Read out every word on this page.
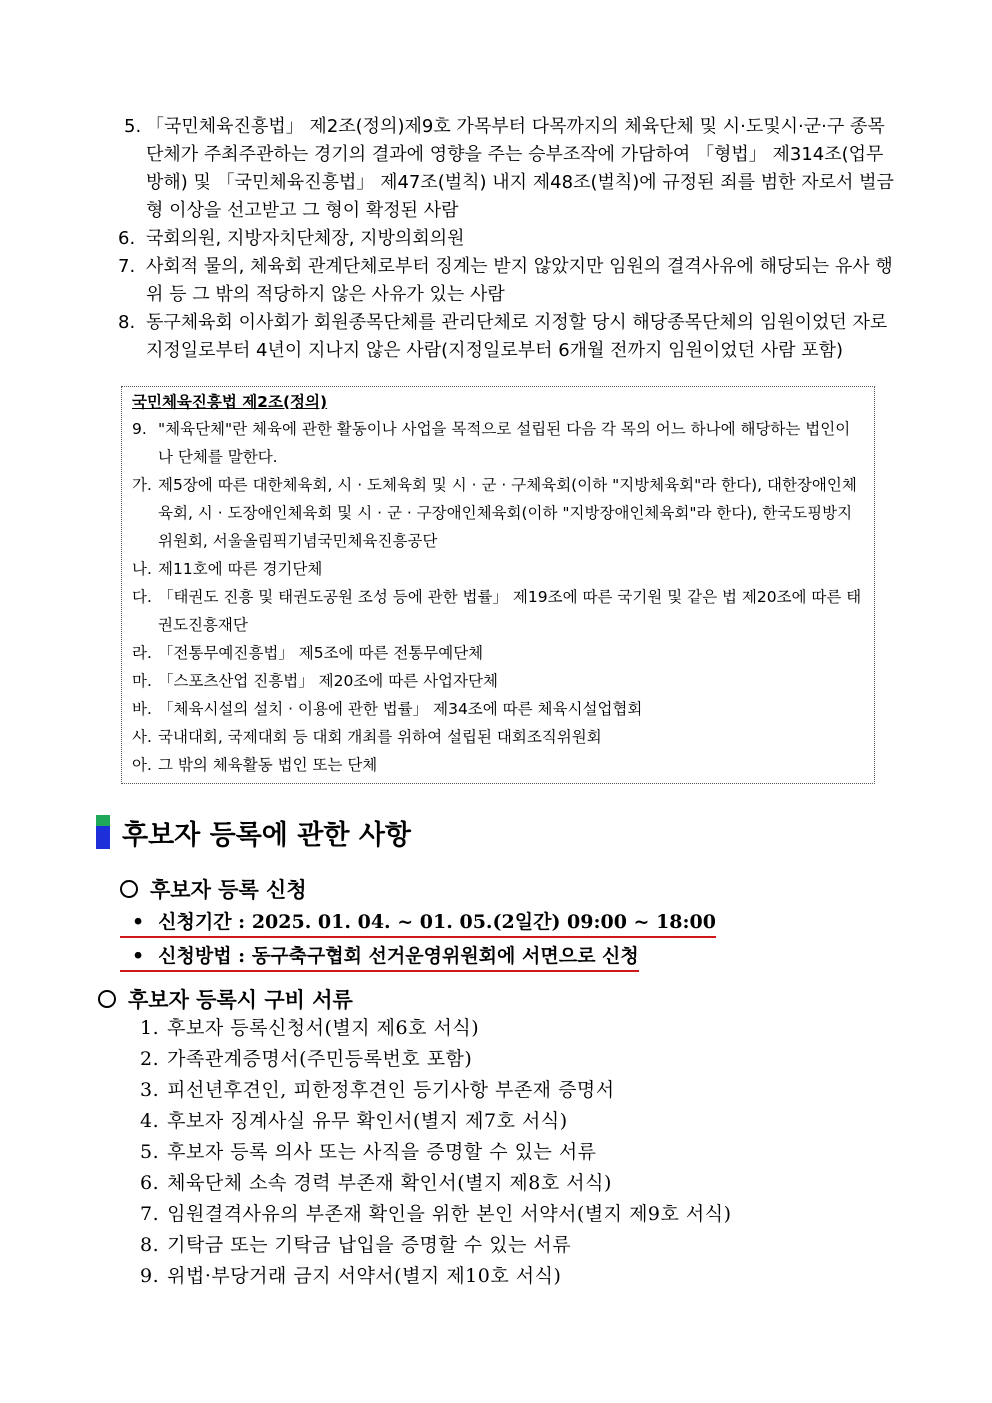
5. 「국민체육진흥법」 제2조(정의)제9호 가목부터 다목까지의 체육단체 및 시·도및시·군·구 종목단체가 주최주관하는 경기의 결과에 영향을 주는 승부조작에 가담하여 「형법」 제314조(업무방해) 및 「국민체육진흥법」 제47조(벌칙) 내지 제48조(벌칙)에 규정된 죄를 범한 자로서 벌금형 이상을 선고받고 그 형이 확정된 사람
6. 국회의원, 지방자치단체장, 지방의회의원
7. 사회적 물의, 체육회 관계단체로부터 징계는 받지 않았지만 임원의 결격사유에 해당되는 유사 행위 등 그 밖의 적당하지 않은 사유가 있는 사람
8. 동구체육회 이사회가 회원종목단체를 관리단체로 지정할 당시 해당종목단체의 임원이었던 자로 지정일로부터 4년이 지나지 않은 사람(지정일로부터 6개월 전까지 임원이었던 사람 포함)
국민체육진흥법 제2조(정의)
9. "체육단체"란 체육에 관한 활동이나 사업을 목적으로 설립된 다음 각 목의 어느 하나에 해당하는 법인이나 단체를 말한다.
가. 제5장에 따른 대한체육회, 시 · 도체육회 및 시 · 군 · 구체육회(이하 "지방체육회"라 한다), 대한장애인체육회, 시 · 도장애인체육회 및 시 · 군 · 구장애인체육회(이하 "지방장애인체육회"라 한다), 한국도핑방지위원회, 서울올림픽기념국민체육진흥공단
나. 제11호에 따른 경기단체
다. 「태권도 진흥 및 태권도공원 조성 등에 관한 법률」 제19조에 따른 국기원 및 같은 법 제20조에 따른 태권도진흥재단
라. 「전통무예진흥법」 제5조에 따른 전통무예단체
마. 「스포츠산업 진흥법」 제20조에 따른 사업자단체
바. 「체육시설의 설치 · 이용에 관한 법률」 제34조에 따른 체육시설업협회
사. 국내대회, 국제대회 등 대회 개최를 위하여 설립된 대회조직위원회
아. 그 밖의 체육활동 법인 또는 단체
후보자 등록에 관한 사항
후보자 등록 신청
• 신청기간 : 2025. 01. 04. ~ 01. 05.(2일간) 09:00 ~ 18:00
• 신청방법 : 동구축구협회 선거운영위원회에 서면으로 신청
후보자 등록시 구비 서류
1. 후보자 등록신청서(별지 제6호 서식)
2. 가족관계증명서(주민등록번호 포함)
3. 피선년후견인, 피한정후견인 등기사항 부존재 증명서
4. 후보자 징계사실 유무 확인서(별지 제7호 서식)
5. 후보자 등록 의사 또는 사직을 증명할 수 있는 서류
6. 체육단체 소속 경력 부존재 확인서(별지 제8호 서식)
7. 임원결격사유의 부존재 확인을 위한 본인 서약서(별지 제9호 서식)
8. 기탁금 또는 기탁금 납입을 증명할 수 있는 서류
9. 위법·부당거래 금지 서약서(별지 제10호 서식)
